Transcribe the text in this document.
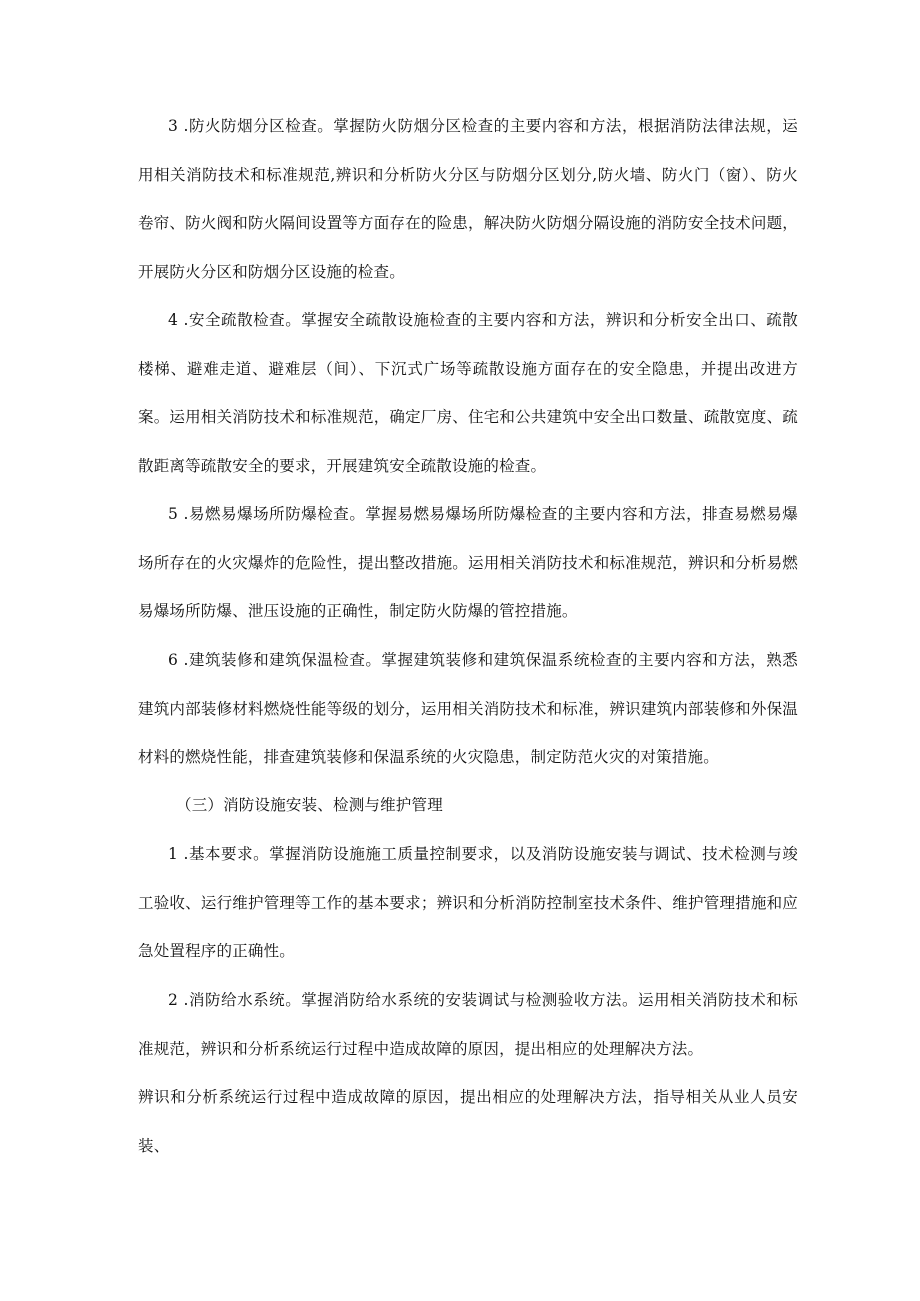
3 .防火防烟分区检查。掌握防火防烟分区检查的主要内容和方法，根据消防法律法规，运用相关消防技术和标准规范,辨识和分析防火分区与防烟分区划分,防火墙、防火门（窗）、防火卷帘、防火阀和防火隔间设置等方面存在的险患，解决防火防烟分隔设施的消防安全技术问题，开展防火分区和防烟分区设施的检查。

4 .安全疏散检查。掌握安全疏散设施检查的主要内容和方法，辨识和分析安全出口、疏散楼梯、避难走道、避难层（间）、下沉式广场等疏散设施方面存在的安全隐患，并提出改进方案。运用相关消防技术和标准规范，确定厂房、住宅和公共建筑中安全出口数量、疏散宽度、疏散距离等疏散安全的要求，开展建筑安全疏散设施的检查。

5 .易燃易爆场所防爆检查。掌握易燃易爆场所防爆检查的主要内容和方法，排查易燃易爆场所存在的火灾爆炸的危险性，提出整改措施。运用相关消防技术和标准规范，辨识和分析易燃易爆场所防爆、泄压设施的正确性，制定防火防爆的管控措施。

6 .建筑装修和建筑保温检查。掌握建筑装修和建筑保温系统检查的主要内容和方法，熟悉建筑内部装修材料燃烧性能等级的划分，运用相关消防技术和标准，辨识建筑内部装修和外保温材料的燃烧性能，排查建筑装修和保温系统的火灾隐患，制定防范火灾的对策措施。

（三）消防设施安装、检测与维护管理

1 .基本要求。掌握消防设施施工质量控制要求，以及消防设施安装与调试、技术检测与竣工验收、运行维护管理等工作的基本要求；辨识和分析消防控制室技术条件、维护管理措施和应急处置程序的正确性。

2 .消防给水系统。掌握消防给水系统的安装调试与检测验收方法。运用相关消防技术和标准规范，辨识和分析系统运行过程中造成故障的原因，提出相应的处理解决方法。

辨识和分析系统运行过程中造成故障的原因，提出相应的处理解决方法，指导相关从业人员安装、
